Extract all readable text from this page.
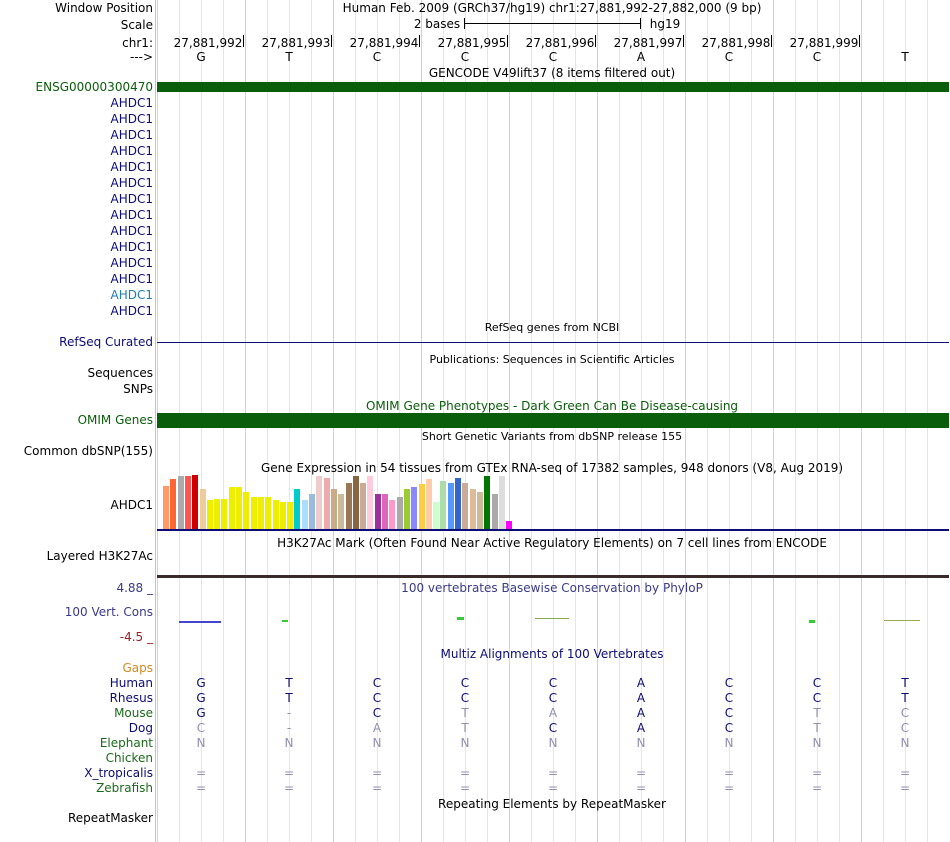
Window Position	Human Feb. 2009 (GRCh37/hg19) chr1:27,881,992-27,882,000 (9 bp)
Scale	2 bases	hg19
chr1: 27,881,992 27,881,993 27,881,994 27,881,995 27,881,996 27,881,997 27,881,998 27,881,999
--->	G	T	C	C	C	A	C	C	T
GENCODE V49lift37 (8 items filtered out)
ENSG00000300470
AHDC1
AHDC1
AHDC1
AHDC1
AHDC1
AHDC1
AHDC1
AHDC1
AHDC1
AHDC1
AHDC1
AHDC1
AHDC1
AHDC1
RefSeq genes from NCBI
RefSeq Curated
Publications: Sequences in Scientific Articles
Sequences
SNPs
OMIM Gene Phenotypes - Dark Green Can Be Disease-causing
OMIM Genes
Short Genetic Variants from dbSNP release 155
Common dbSNP(155)
Gene Expression in 54 tissues from GTEx RNA-seq of 17382 samples, 948 donors (V8, Aug 2019)
AHDC1
H3K27Ac Mark (Often Found Near Active Regulatory Elements) on 7 cell lines from ENCODE
Layered H3K27Ac
100 vertebrates Basewise Conservation by PhyloP
4.88 _
100 Vert. Cons
-4.5 _
Multiz Alignments of 100 Vertebrates
Gaps
Human	G	T	C	C	C	A	C	C	T
Rhesus	G	T	C	C	C	A	C	C	T
Mouse	G	-	C	T	A	A	C	T	C
Dog	C	-	A	T	C	A	C	T	C
Elephant	N	N	N	N	N	N	N	N	N
Chicken
X_tropicalis	=	=	=	=	=	=	=	=	=
Zebrafish	=	=	=	=	=	=	=	=	=
Repeating Elements by RepeatMasker
RepeatMasker
